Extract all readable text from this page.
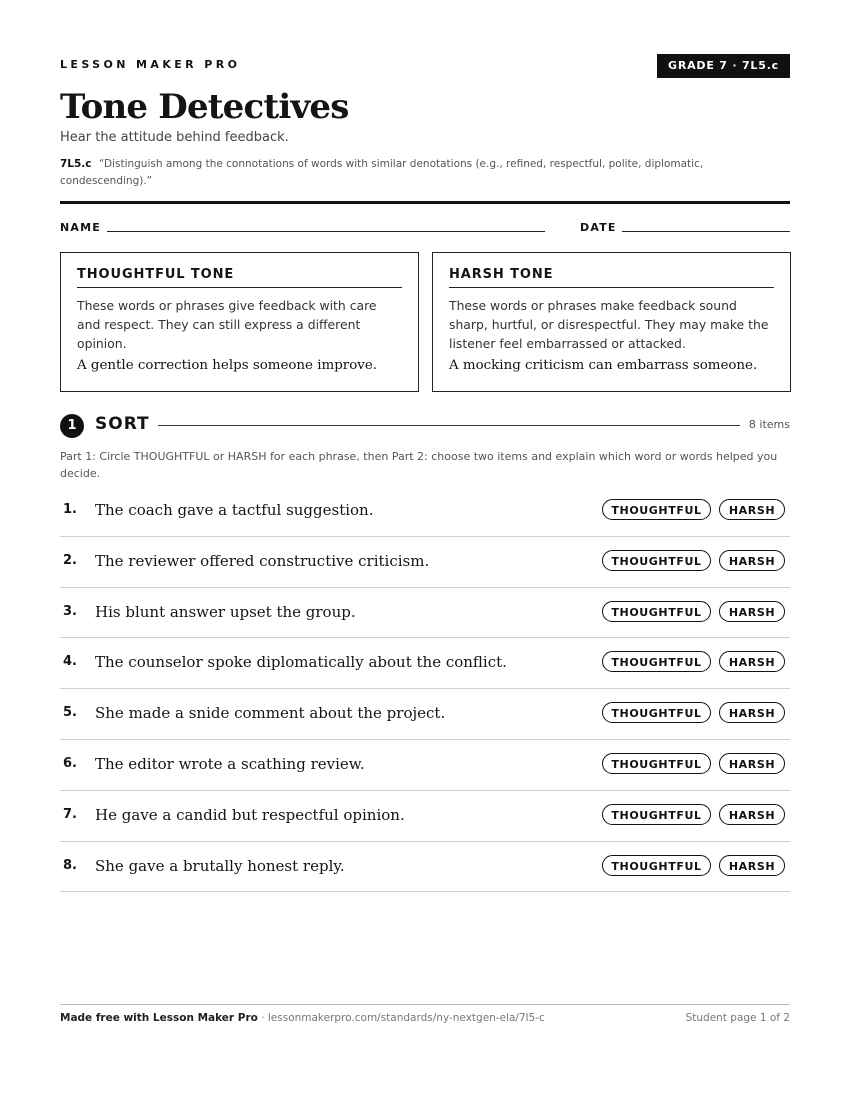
LESSON MAKER PRO	GRADE 7 · 7L5.c
Tone Detectives
Hear the attitude behind feedback.
7L5.c “Distinguish among the connotations of words with similar denotations (e.g., refined, respectful, polite, diplomatic, condescending).”
NAME	DATE
THOUGHTFUL TONE
These words or phrases give feedback with care and respect. They can still express a different opinion.
A gentle correction helps someone improve.
HARSH TONE
These words or phrases make feedback sound sharp, hurtful, or disrespectful. They may make the listener feel embarrassed or attacked.
A mocking criticism can embarrass someone.
1	SORT	8 items
Part 1: Circle THOUGHTFUL or HARSH for each phrase, then Part 2: choose two items and explain which word or words helped you decide.
1. The coach gave a tactful suggestion.	THOUGHTFUL	HARSH
2. The reviewer offered constructive criticism.	THOUGHTFUL	HARSH
3. His blunt answer upset the group.	THOUGHTFUL	HARSH
4. The counselor spoke diplomatically about the conflict.	THOUGHTFUL	HARSH
5. She made a snide comment about the project.	THOUGHTFUL	HARSH
6. The editor wrote a scathing review.	THOUGHTFUL	HARSH
7. He gave a candid but respectful opinion.	THOUGHTFUL	HARSH
8. She gave a brutally honest reply.	THOUGHTFUL	HARSH
Made free with Lesson Maker Pro · lessonmakerpro.com/standards/ny-nextgen-ela/7l5-c	Student page 1 of 2
